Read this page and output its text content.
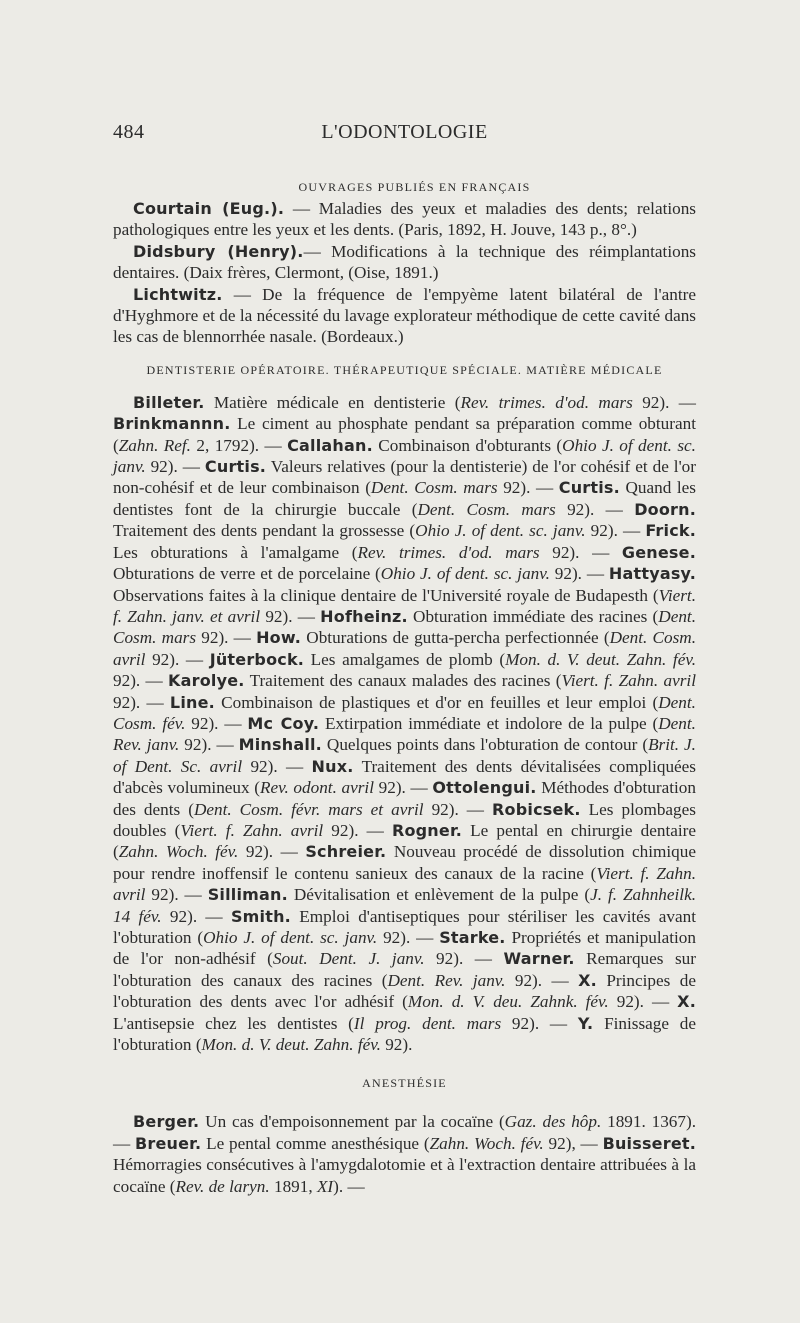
484	L'ODONTOLOGIE
OUVRAGES PUBLIÉS EN FRANÇAIS

Courtain (Eug.). — Maladies des yeux et maladies des dents; relations pathologiques entre les yeux et les dents. (Paris, 1892, H. Jouve, 143 p., 8°.)

Didsbury (Henry).— Modifications à la technique des réimplantations dentaires. (Daix frères, Clermont, (Oise, 1891.)

Lichtwitz. — De la fréquence de l'empyème latent bilatéral de l'antre d'Hyghmore et de la nécessité du lavage explorateur méthodique de cette cavité dans les cas de blennorrhée nasale. (Bordeaux.)

DENTISTERIE OPÉRATOIRE. THÉRAPEUTIQUE SPÉCIALE. MATIÈRE MÉDICALE

Billeter. Matière médicale en dentisterie (Rev. trimes. d'od. mars 92). — Brinkmannn. Le ciment au phosphate pendant sa préparation comme obturant (Zahn. Ref. 2, 1792). — Callahan. Combinaison d'obturants (Ohio J. of dent. sc. janv. 92). — Curtis. Valeurs relatives (pour la dentisterie) de l'or cohésif et de l'or non-cohésif et de leur combinaison (Dent. Cosm. mars 92). — Curtis. Quand les dentistes font de la chirurgie buccale (Dent. Cosm. mars 92). — Doorn. Traitement des dents pendant la grossesse (Ohio J. of dent. sc. janv. 92). — Frick. Les obturations à l'amalgame (Rev. trimes. d'od. mars 92). — Genese. Obturations de verre et de porcelaine (Ohio J. of dent. sc. janv. 92). — Hattyasy. Observations faites à la clinique dentaire de l'Université royale de Budapesth (Viert. f. Zahn. janv. et avril 92). — Hofheinz. Obturation immédiate des racines (Dent. Cosm. mars 92). — How. Obturations de gutta-percha perfectionnée (Dent. Cosm. avril 92). — Jüterbock. Les amalgames de plomb (Mon. d. V. deut. Zahn. fév. 92). — Karolye. Traitement des canaux malades des racines (Viert. f. Zahn. avril 92). — Line. Combinaison de plastiques et d'or en feuilles et leur emploi (Dent. Cosm. fév. 92). — Mc Coy. Extirpation immédiate et indolore de la pulpe (Dent. Rev. janv. 92). — Minshall. Quelques points dans l'obturation de contour (Brit. J. of Dent. Sc. avril 92). — Nux. Traitement des dents dévitalisées compliquées d'abcès volumineux (Rev. odont. avril 92). — Ottolengui. Méthodes d'obturation des dents (Dent. Cosm. févr. mars et avril 92). — Robicsek. Les plombages doubles (Viert. f. Zahn. avril 92). — Rogner. Le pental en chirurgie dentaire (Zahn. Woch. fév. 92). — Schreier. Nouveau procédé de dissolution chimique pour rendre inoffensif le contenu sanieux des canaux de la racine (Viert. f. Zahn. avril 92). — Silliman. Dévitalisation et enlèvement de la pulpe (J. f. Zahnheilk. 14 fév. 92). — Smith. Emploi d'antiseptiques pour stériliser les cavités avant l'obturation (Ohio J. of dent. sc. janv. 92). — Starke. Propriétés et manipulation de l'or non-adhésif (Sout. Dent. J. janv. 92). — Warner. Remarques sur l'obturation des canaux des racines (Dent. Rev. janv. 92). — X. Principes de l'obturation des dents avec l'or adhésif (Mon. d. V. deu. Zahnk. fév. 92). — X. L'antisepsie chez les dentistes (Il prog. dent. mars 92). — Y. Finissage de l'obturation (Mon. d. V. deut. Zahn. fév. 92).

ANESTHÉSIE

Berger. Un cas d'empoisonnement par la cocaïne (Gaz. des hôp. 1891. 1367). — Breuer. Le pental comme anesthésique (Zahn. Woch. fév. 92), — Buisseret. Hémorragies consécutives à l'amygdalotomie et à l'extraction dentaire attribuées à la cocaïne (Rev. de laryn. 1891, XI). —
